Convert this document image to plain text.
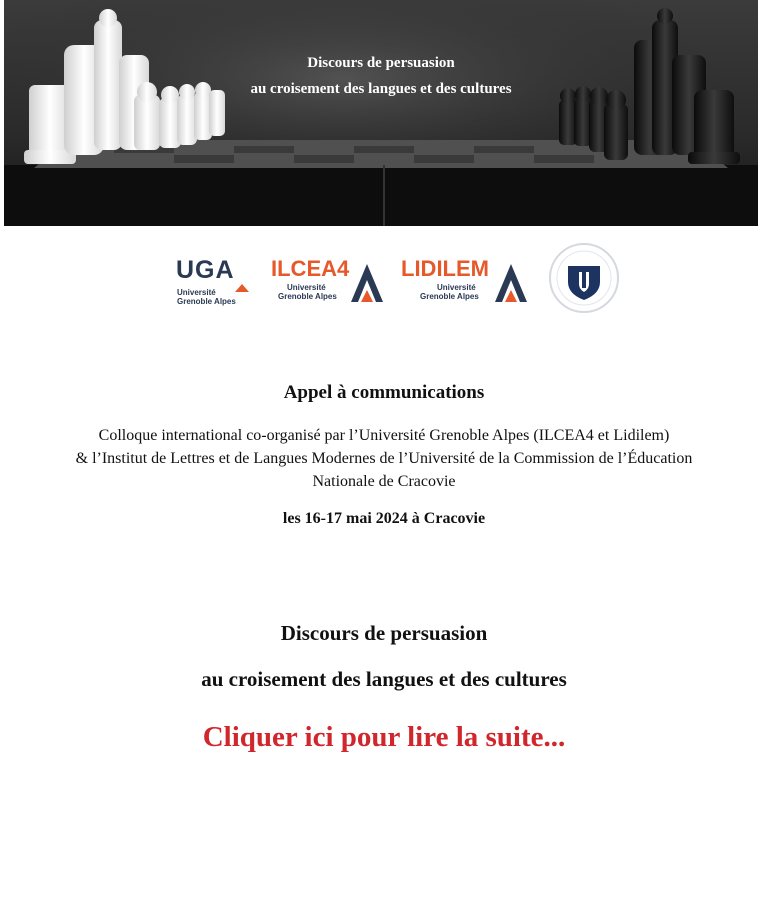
Discours de persuasion
au croisement des langues et des cultures
UGA
Université
Grenoble Alpes
ILCEA4
Université
Grenoble Alpes
LIDILEM
Université
Grenoble Alpes
Appel à communications
Colloque international co-organisé par l’Université Grenoble Alpes (ILCEA4 et Lidilem)
& l’Institut de Lettres et de Langues Modernes de l’Université de la Commission de l’Éducation
Nationale de Cracovie
les 16-17 mai 2024 à Cracovie
Discours de persuasion
au croisement des langues et des cultures
Cliquer ici pour lire la suite...
